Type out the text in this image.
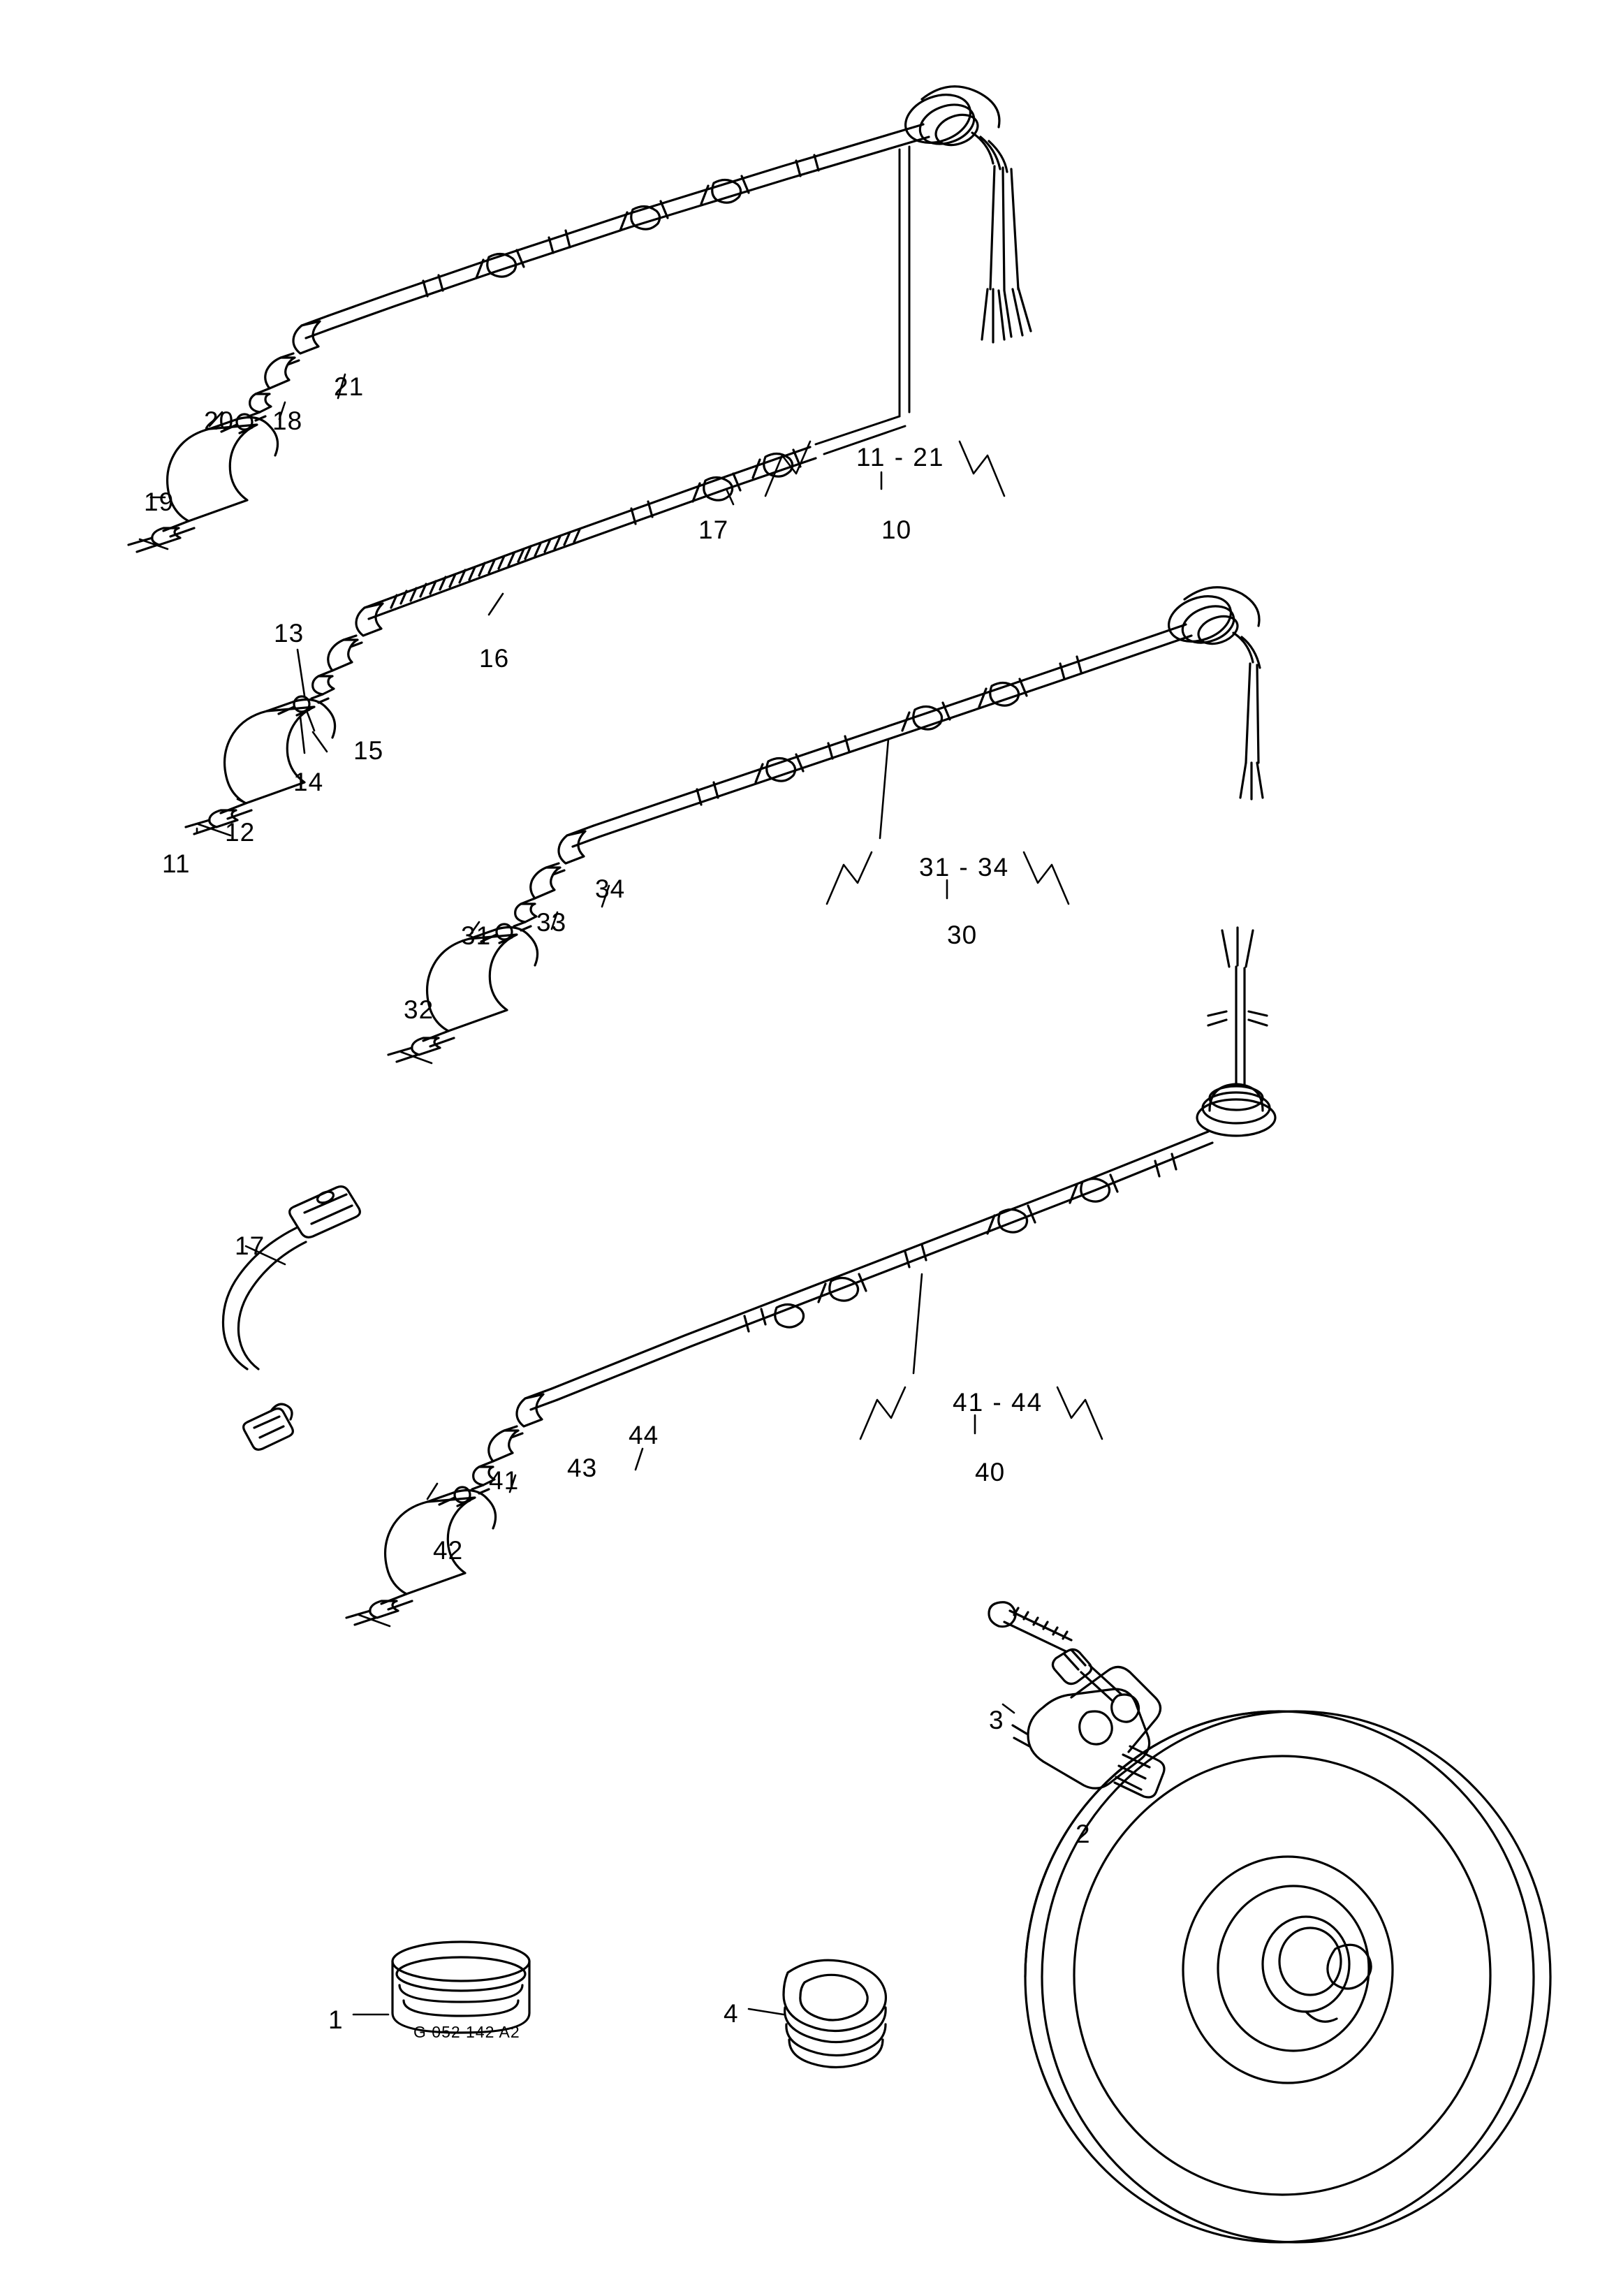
20 18
21
19
17	10
11 - 21
16
13
15
14
12
11
34
31 33
32
31 - 34
30
17
44
41 43
42
41 - 44
40
3
2
1	4
G 052 142 A2
